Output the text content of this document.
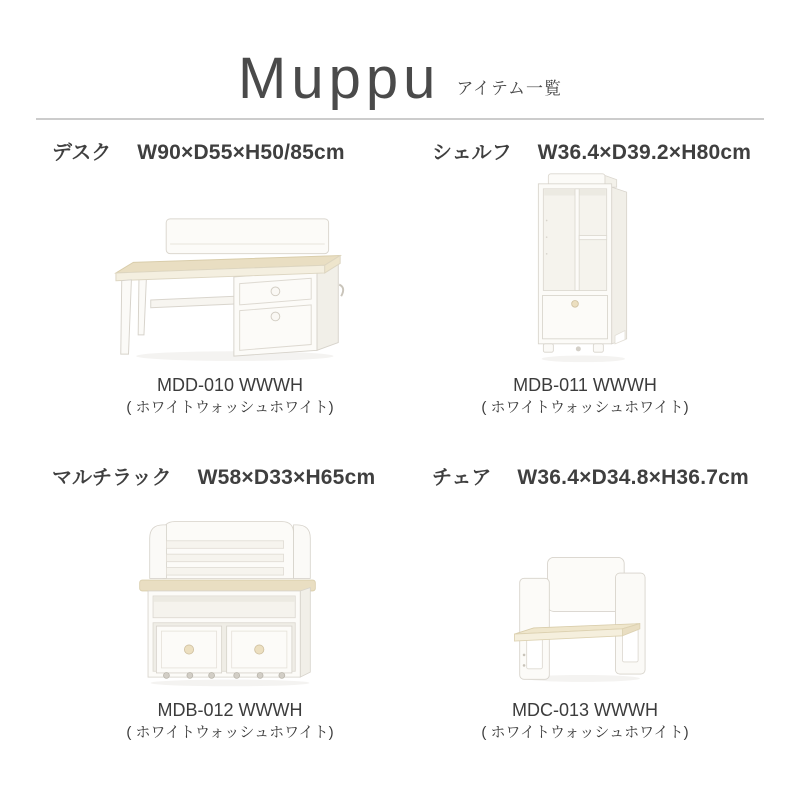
Muppu アイテム一覧
デスク W90×D55×H50/85cm
MDD-010 WWWH
( ホワイトウォッシュホワイト)
シェルフ W36.4×D39.2×H80cm
MDB-011 WWWH
( ホワイトウォッシュホワイト)
マルチラック W58×D33×H65cm
MDB-012 WWWH
( ホワイトウォッシュホワイト)
チェア W36.4×D34.8×H36.7cm
MDC-013 WWWH
( ホワイトウォッシュホワイト)
